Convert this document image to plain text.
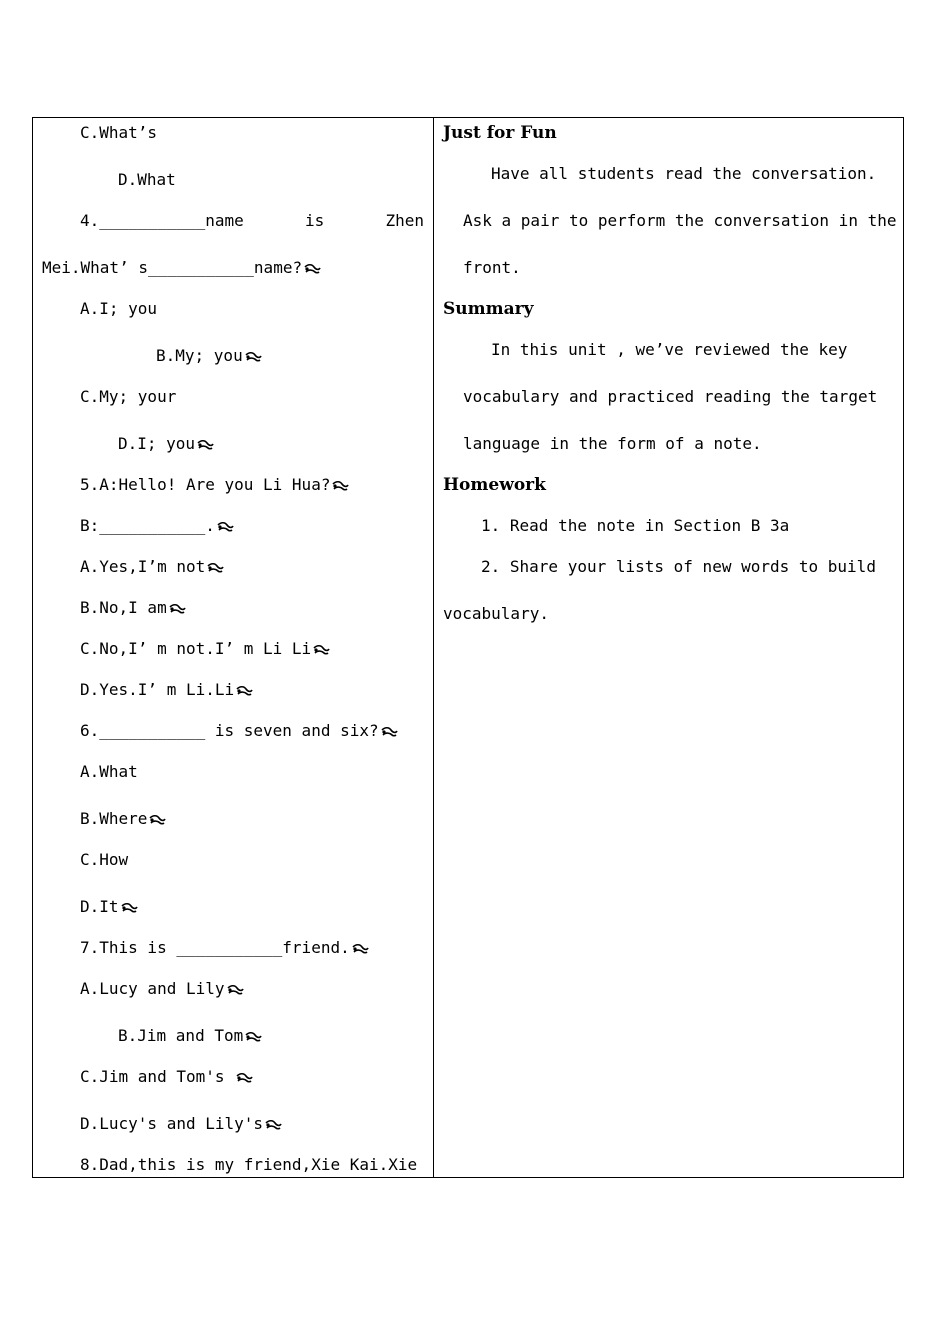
C.What’s
D.What
4.___________name	is	Zhen
Mei.What’ s___________name?
A.I; you
B.My; you
C.My; your
D.I; you
5.A:Hello! Are you Li Hua?
B:___________.
A.Yes,I’m not
B.No,I am
C.No,I’ m not.I’ m Li Li
D.Yes.I’ m Li.Li
6.___________ is seven and six?
A.What
B.Where
C.How
D.It
7.This is ___________friend.
A.Lucy and Lily
B.Jim and Tom
C.Jim and Tom's
D.Lucy's and Lily's
8.Dad,this is my friend,Xie Kai.Xie
Just for Fun
Have all students read the conversation.
Ask a pair to perform the conversation in the
front.
Summary
In this unit , we’ve reviewed the key
vocabulary and practiced reading the target
language in the form of a note.
Homework
1. Read the note in Section B 3a
2. Share your lists of new words to build
vocabulary.
